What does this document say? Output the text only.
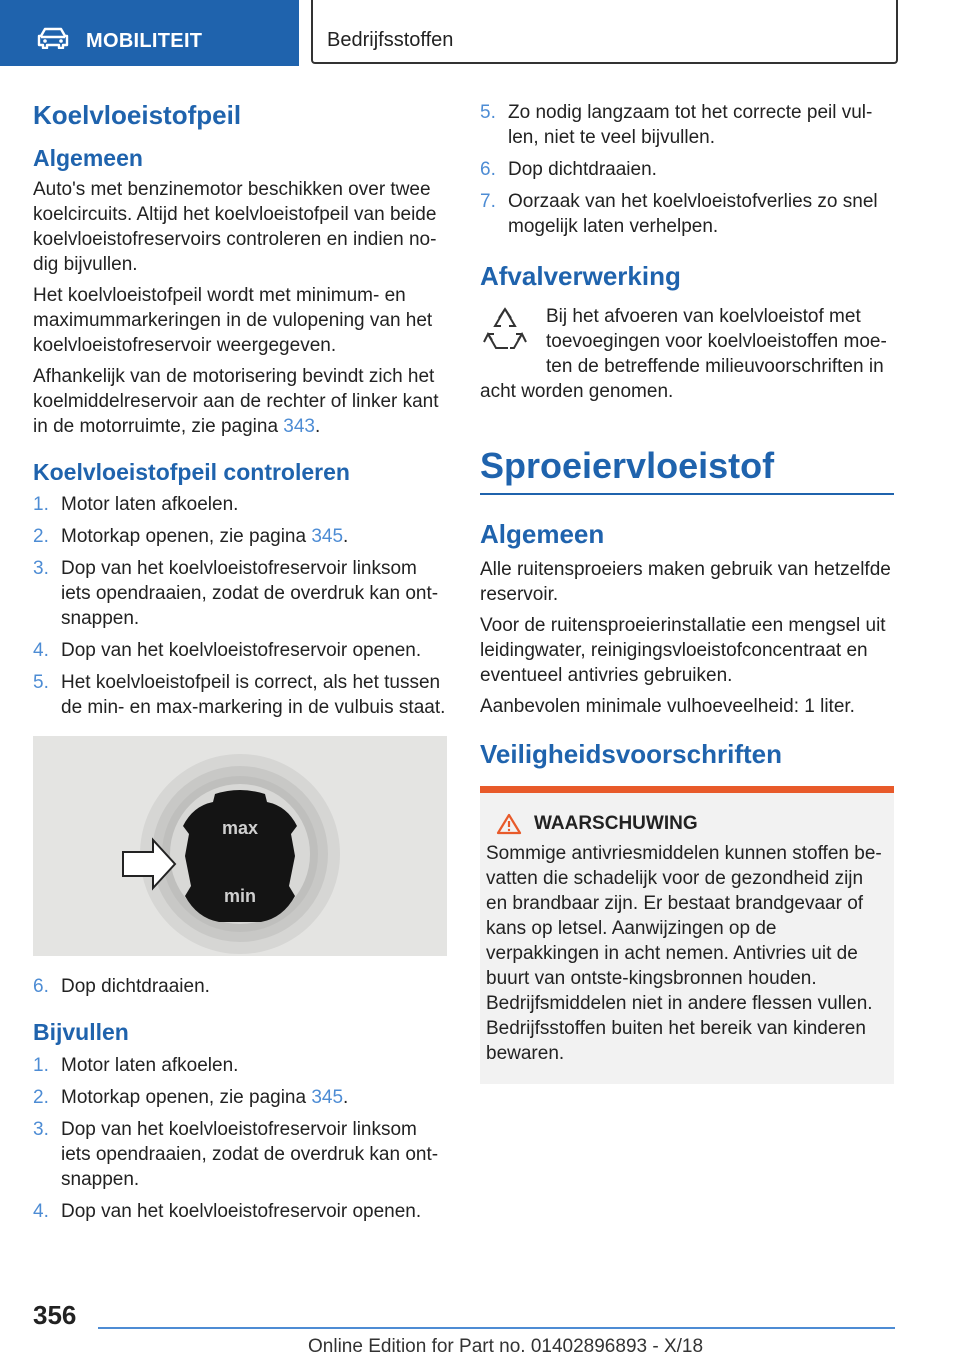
MOBILITEIT	Bedrijfsstoffen
Koelvloeistofpeil
Algemeen

Auto's met benzinemotor beschikken over twee koelcircuits. Altijd het koelvloeistofpeil van beide koelvloeistofreservoirs controleren en indien no‐dig bijvullen.

Het koelvloeistofpeil wordt met minimum- en maximummarkeringen in de vulopening van het koelvloeistofreservoir weergegeven.

Afhankelijk van de motorisering bevindt zich het koelmiddelreservoir aan de rechter of linker kant in de motorruimte, zie pagina 343.

Koelvloeistofpeil controleren
1. Motor laten afkoelen.
2. Motorkap openen, zie pagina 345.
3. Dop van het koelvloeistofreservoir linksom iets opendraaien, zodat de overdruk kan ont‐snappen.
4. Dop van het koelvloeistofreservoir openen.
5. Het koelvloeistofpeil is correct, als het tussen de min- en max-markering in de vulbuis staat.
max
min
6. Dop dichtdraaien.
Bijvullen
1. Motor laten afkoelen.
2. Motorkap openen, zie pagina 345.
3. Dop van het koelvloeistofreservoir linksom iets opendraaien, zodat de overdruk kan ont‐snappen.
4. Dop van het koelvloeistofreservoir openen.
5. Zo nodig langzaam tot het correcte peil vul‐len, niet te veel bijvullen.
6. Dop dichtdraaien.
7. Oorzaak van het koelvloeistofverlies zo snel mogelijk laten verhelpen.
Afvalverwerking

Bij het afvoeren van koelvloeistof met toevoegingen voor koelvloeistoffen moe‐ten de betreffende milieuvoorschriften in acht worden genomen.

Sproeiervloeistof
Algemeen

Alle ruitensproeiers maken gebruik van hetzelfde reservoir.

Voor de ruitensproeierinstallatie een mengsel uit leidingwater, reinigingsvloeistofconcentraat en eventueel antivries gebruiken.

Aanbevolen minimale vulhoeveelheid: 1 liter.

Veiligheidsvoorschriften
WAARSCHUWING

Sommige antivriesmiddelen kunnen stoffen be‐vatten die schadelijk voor de gezondheid zijn en brandbaar zijn. Er bestaat brandgevaar of kans op letsel. Aanwijzingen op de verpakkingen in acht nemen. Antivries uit de buurt van ontste‐kingsbronnen houden. Bedrijfsmiddelen niet in andere flessen vullen. Bedrijfsstoffen buiten het bereik van kinderen bewaren.

356
Online Edition for Part no. 01402896893 - X/18
